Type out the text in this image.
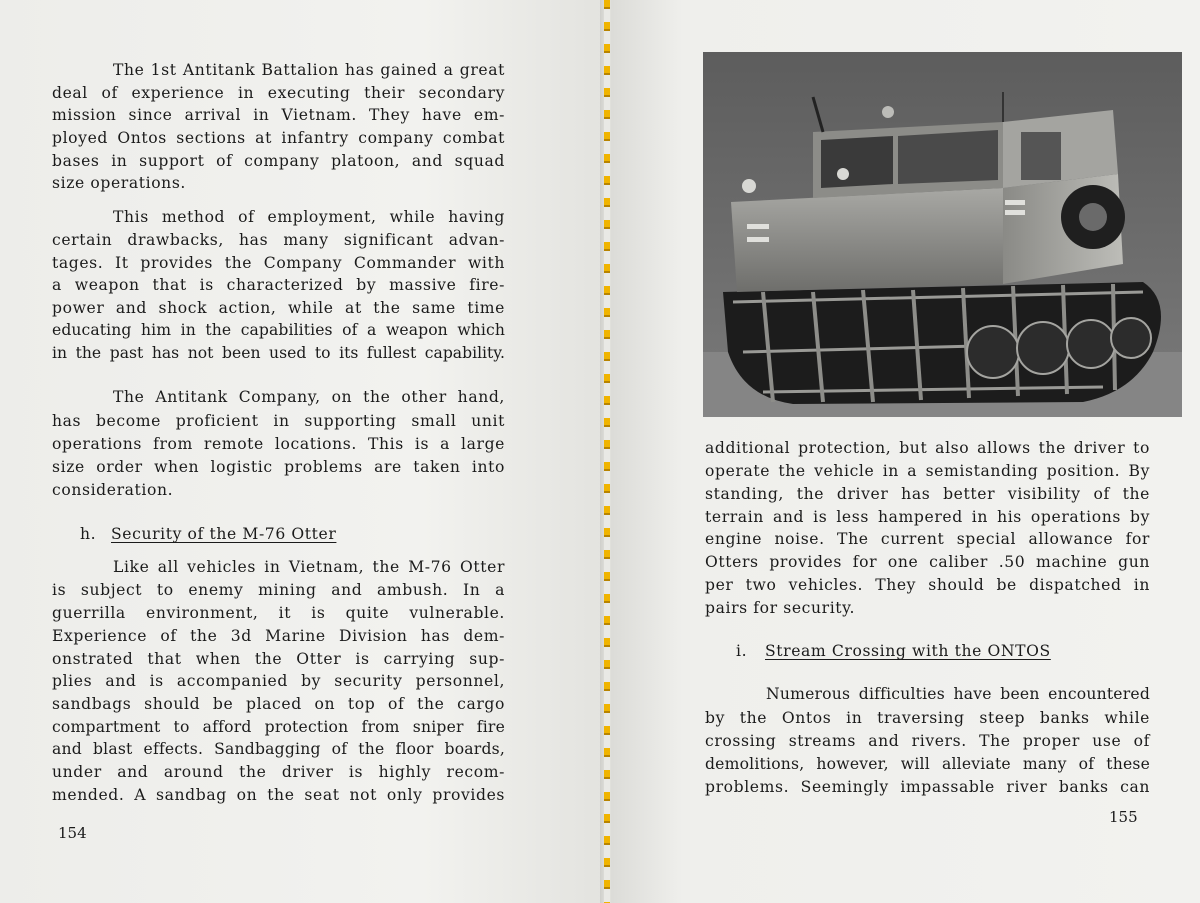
The 1st Antitank Battalion has gained a great

deal of experience in executing their secondary

mission since arrival in Vietnam. They have em-

ployed Ontos sections at infantry company combat

bases in support of company platoon, and squad

size operations.

This method of employment, while having

certain drawbacks, has many significant advan-

tages. It provides the Company Commander with

a weapon that is characterized by massive fire-

power and shock action, while at the same time

educating him in the capabilities of a weapon which

in the past has not been used to its fullest capability.

The Antitank Company, on the other hand,

has become proficient in supporting small unit

operations from remote locations. This is a large

size order when logistic problems are taken into

consideration.

h. Security of the M-76 Otter

Like all vehicles in Vietnam, the M-76 Otter

is subject to enemy mining and ambush. In a

guerrilla environment, it is quite vulnerable.

Experience of the 3d Marine Division has dem-

onstrated that when the Otter is carrying sup-

plies and is accompanied by security personnel,

sandbags should be placed on top of the cargo

compartment to afford protection from sniper fire

and blast effects. Sandbagging of the floor boards,

under and around the driver is highly recom-

mended. A sandbag on the seat not only provides

154
155

additional protection, but also allows the driver to

operate the vehicle in a semistanding position. By

standing, the driver has better visibility of the

terrain and is less hampered in his operations by

engine noise. The current special allowance for

Otters provides for one caliber .50 machine gun

per two vehicles. They should be dispatched in

pairs for security.

i. Stream Crossing with the ONTOS

Numerous difficulties have been encountered

by the Ontos in traversing steep banks while

crossing streams and rivers. The proper use of

demolitions, however, will alleviate many of these

problems. Seemingly impassable river banks can
